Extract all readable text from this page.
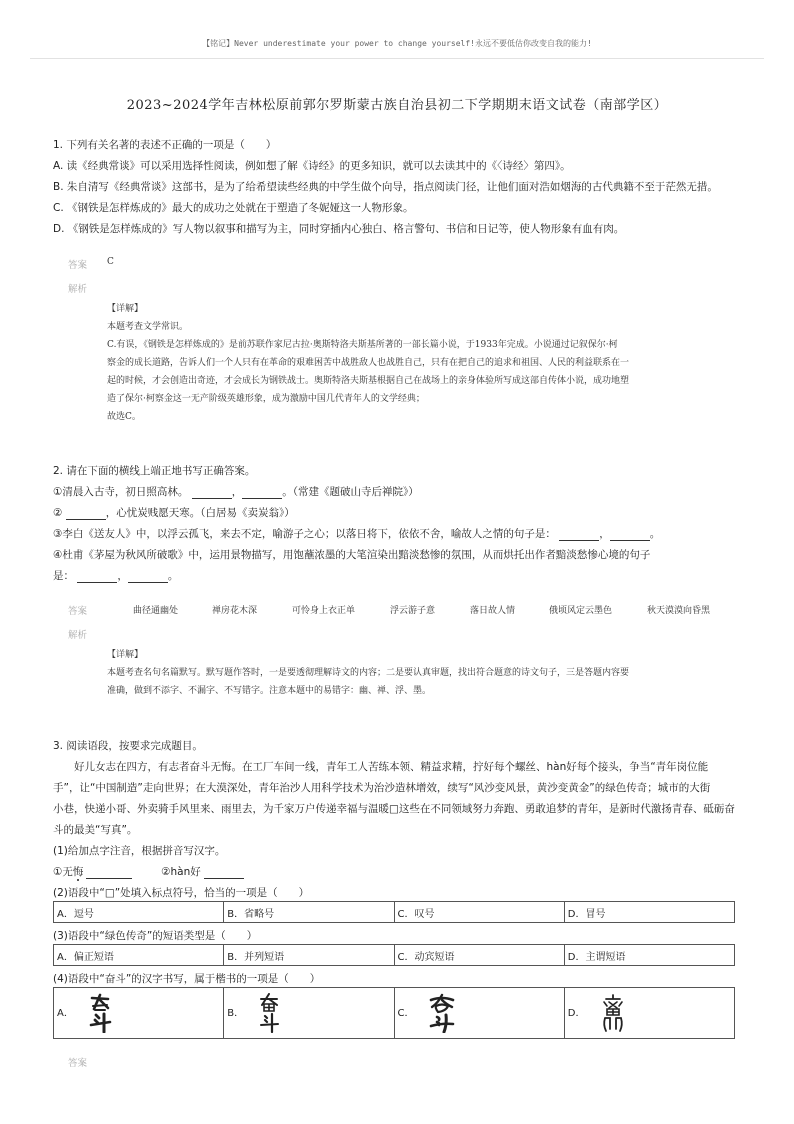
【铭记】Never underestimate your power to change yourself!永远不要低估你改变自我的能力!
2023~2024学年吉林松原前郭尔罗斯蒙古族自治县初二下学期期末语文试卷（南部学区）
1. 下列有关名著的表述不正确的一项是（　　）
A. 读《经典常谈》可以采用选择性阅读，例如想了解《诗经》的更多知识，就可以去读其中的《〈诗经〉第四》。
B. 朱自清写《经典常谈》这部书，是为了给希望读些经典的中学生做个向导，指点阅读门径，让他们面对浩如烟海的古代典籍不至于茫然无措。
C. 《钢铁是怎样炼成的》最大的成功之处就在于塑造了冬妮娅这一人物形象。
D. 《钢铁是怎样炼成的》写人物以叙事和描写为主，同时穿插内心独白、格言警句、书信和日记等，使人物形象有血有肉。
答案 C
解析
【详解】
本题考查文学常识。
C.有误，《钢铁是怎样炼成的》是前苏联作家尼古拉·奥斯特洛夫斯基所著的一部长篇小说，于1933年完成。小说通过记叙保尔·柯
察金的成长道路，告诉人们一个人只有在革命的艰难困苦中战胜敌人也战胜自己，只有在把自己的追求和祖国、人民的利益联系在一
起的时候，才会创造出奇迹，才会成长为钢铁战士。奥斯特洛夫斯基根据自己在战场上的亲身体验所写成这部自传体小说，成功地塑
造了保尔·柯察金这一无产阶级英雄形象，成为激励中国几代青年人的文学经典；
故选C。
2. 请在下面的横线上端正地书写正确答案。
①清晨入古寺，初日照高林。	，	。（常建《题破山寺后禅院》）
②	，心忧炭贱愿天寒。（白居易《卖炭翁》）
③李白《送友人》中，以浮云孤飞，来去不定，喻游子之心；以落日将下，依依不舍，喻故人之情的句子是：	，	。
④杜甫《茅屋为秋风所破歌》中，运用景物描写，用饱蘸浓墨的大笔渲染出黯淡愁惨的氛围，从而烘托出作者黯淡愁惨心境的句子
是：	，	。
答案	曲径通幽处	禅房花木深	可怜身上衣正单	浮云游子意	落日故人情	俄顷风定云墨色	秋天漠漠向昏黑
解析
【详解】
本题考查名句名篇默写。默写题作答时，一是要透彻理解诗文的内容；二是要认真审题，找出符合题意的诗文句子，三是答题内容要
准确，做到不添字、不漏字、不写错字。注意本题中的易错字：幽、禅、浮、墨。
3. 阅读语段，按要求完成题目。
　　好儿女志在四方，有志者奋斗无悔。在工厂车间一线，青年工人苦练本领、精益求精，拧好每个螺丝、hàn好每个接头，争当“青年岗位能
手”，让“中国制造”走向世界；在大漠深处，青年治沙人用科学技术为治沙造林增效，续写“风沙变风景，黄沙变黄金”的绿色传奇；城市的大街
小巷，快递小哥、外卖骑手风里来、雨里去，为千家万户传递幸福与温暖□这些在不同领域努力奔跑、勇敢追梦的青年，是新时代激扬青春、砥砺奋
斗的最美“写真”。
(1)给加点字注音，根据拼音写汉字。
①无悔	②hàn好
(2)语段中“□”处填入标点符号，恰当的一项是（　　）
A．逗号	B．省略号	C．叹号	D．冒号
(3)语段中“绿色传奇”的短语类型是（　　）
A．偏正短语	B．并列短语	C．动宾短语	D．主谓短语
(4)语段中“奋斗”的汉字书写，属于楷书的一项是（　　）
A．	B．	C．	D．
答案
